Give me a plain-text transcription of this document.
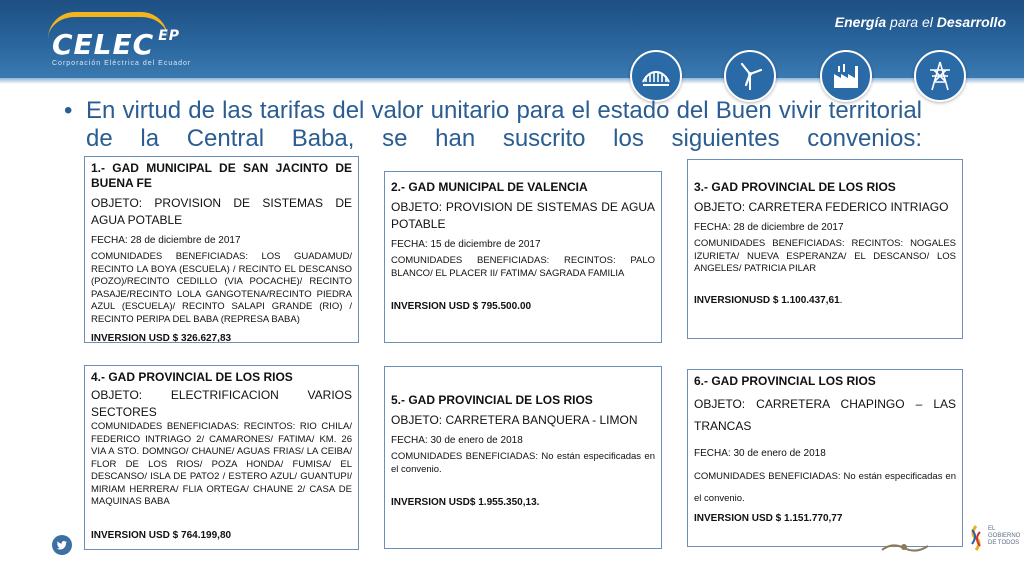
CELEC $^{EP}$
Corporación Eléctrica del Ecuador
Energía para el Desarrollo
• En virtud de las tarifas del valor unitario para el estado del Buen vivir territorial de la Central Baba, se han suscrito los siguientes convenios:

1.- GAD MUNICIPAL DE SAN JACINTO DE BUENA FE
OBJETO: PROVISION DE SISTEMAS DE AGUA POTABLE
FECHA: 28 de diciembre de 2017
COMUNIDADES BENEFICIADAS: LOS GUADAMUD/ RECINTO LA BOYA (ESCUELA) / RECINTO EL DESCANSO (POZO)/RECINTO CEDILLO (VIA POCACHE)/ RECINTO PASAJE/RECINTO LOLA GANGOTENA/RECINTO PIEDRA AZUL (ESCUELA)/ RECINTO SALAPI GRANDE (RIO) / RECINTO PERIPA DEL BABA (REPRESA BABA)
INVERSION USD $ 326.627,83
2.- GAD MUNICIPAL DE VALENCIA
OBJETO: PROVISION DE SISTEMAS DE AGUA POTABLE
FECHA: 15 de diciembre de 2017
COMUNIDADES BENEFICIADAS: RECINTOS: PALO BLANCO/ EL PLACER II/ FATIMA/ SAGRADA FAMILIA
INVERSION USD $ 795.500.00
3.- GAD PROVINCIAL DE LOS RIOS
OBJETO: CARRETERA FEDERICO INTRIAGO
FECHA: 28 de diciembre de 2017
COMUNIDADES BENEFICIADAS: RECINTOS: NOGALES IZURIETA/ NUEVA ESPERANZA/ EL DESCANSO/ LOS ANGELES/ PATRICIA PILAR
INVERSIONUSD $ 1.100.437,61.
4.- GAD PROVINCIAL DE LOS RIOS
OBJETO: ELECTRIFICACION VARIOS SECTORES
COMUNIDADES BENEFICIADAS: RECINTOS: RIO CHILA/ FEDERICO INTRIAGO 2/ CAMARONES/ FATIMA/ KM. 26 VIA A STO. DOMNGO/ CHAUNE/ AGUAS FRIAS/ LA CEIBA/ FLOR DE LOS RIOS/ POZA HONDA/ FUMISA/ EL DESCANSO/ ISLA DE PATO2 / ESTERO AZUL/ GUANTUPI/ MIRIAM HERRERA/ FLIA ORTEGA/ CHAUNE 2/ CASA DE MAQUINAS BABA
INVERSION USD $ 764.199,80
5.- GAD PROVINCIAL DE LOS RIOS
OBJETO: CARRETERA BANQUERA - LIMON
FECHA: 30 de enero de 2018
COMUNIDADES BENEFICIADAS: No están especificadas en el convenio.
INVERSION USD$ 1.955.350,13.
6.- GAD PROVINCIAL LOS RIOS
OBJETO: CARRETERA CHAPINGO – LAS TRANCAS
FECHA: 30 de enero de 2018
COMUNIDADES BENEFICIADAS: No están especificadas en el convenio.
INVERSION USD $ 1.151.770,77
EL
GOBIERNO
DE TODOS
